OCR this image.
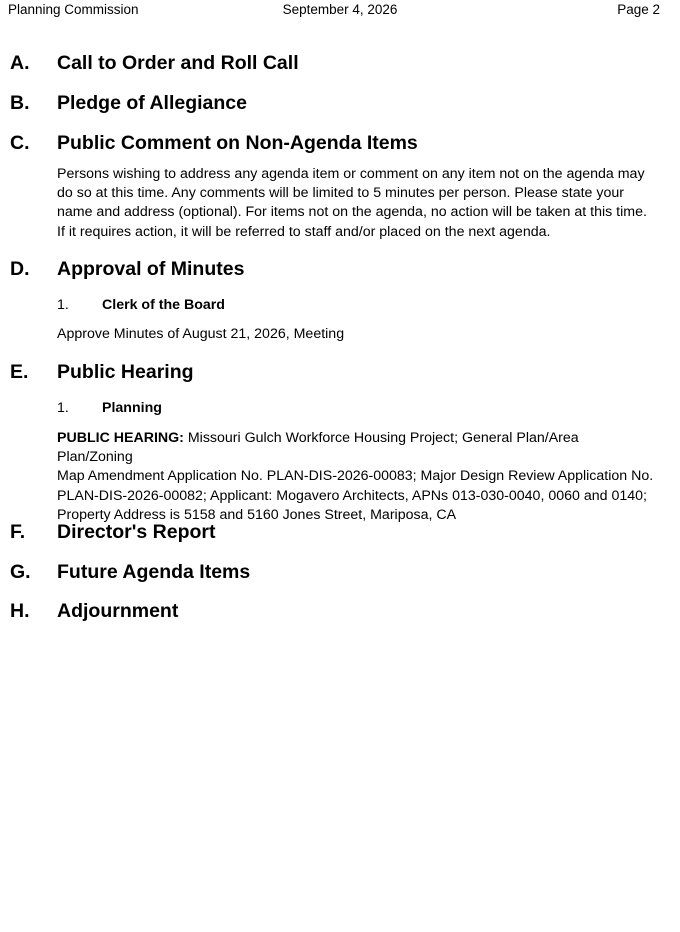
Planning Commission	September 4, 2026	Page 2
A. Call to Order and Roll Call
B. Pledge of Allegiance
C. Public Comment on Non-Agenda Items
Persons wishing to address any agenda item or comment on any item not on the agenda may
do so at this time. Any comments will be limited to 5 minutes per person. Please state your
name and address (optional). For items not on the agenda, no action will be taken at this time.
If it requires action, it will be referred to staff and/or placed on the next agenda.
D. Approval of Minutes
1. Clerk of the Board
Approve Minutes of August 21, 2026, Meeting
E. Public Hearing
1. Planning
PUBLIC HEARING: Missouri Gulch Workforce Housing Project; General Plan/Area Plan/Zoning
Map Amendment Application No. PLAN-DIS-2026-00083; Major Design Review Application No.
PLAN-DIS-2026-00082; Applicant: Mogavero Architects, APNs 013-030-0040, 0060 and 0140;
Property Address is 5158 and 5160 Jones Street, Mariposa, CA
F. Director's Report
G. Future Agenda Items
H. Adjournment
